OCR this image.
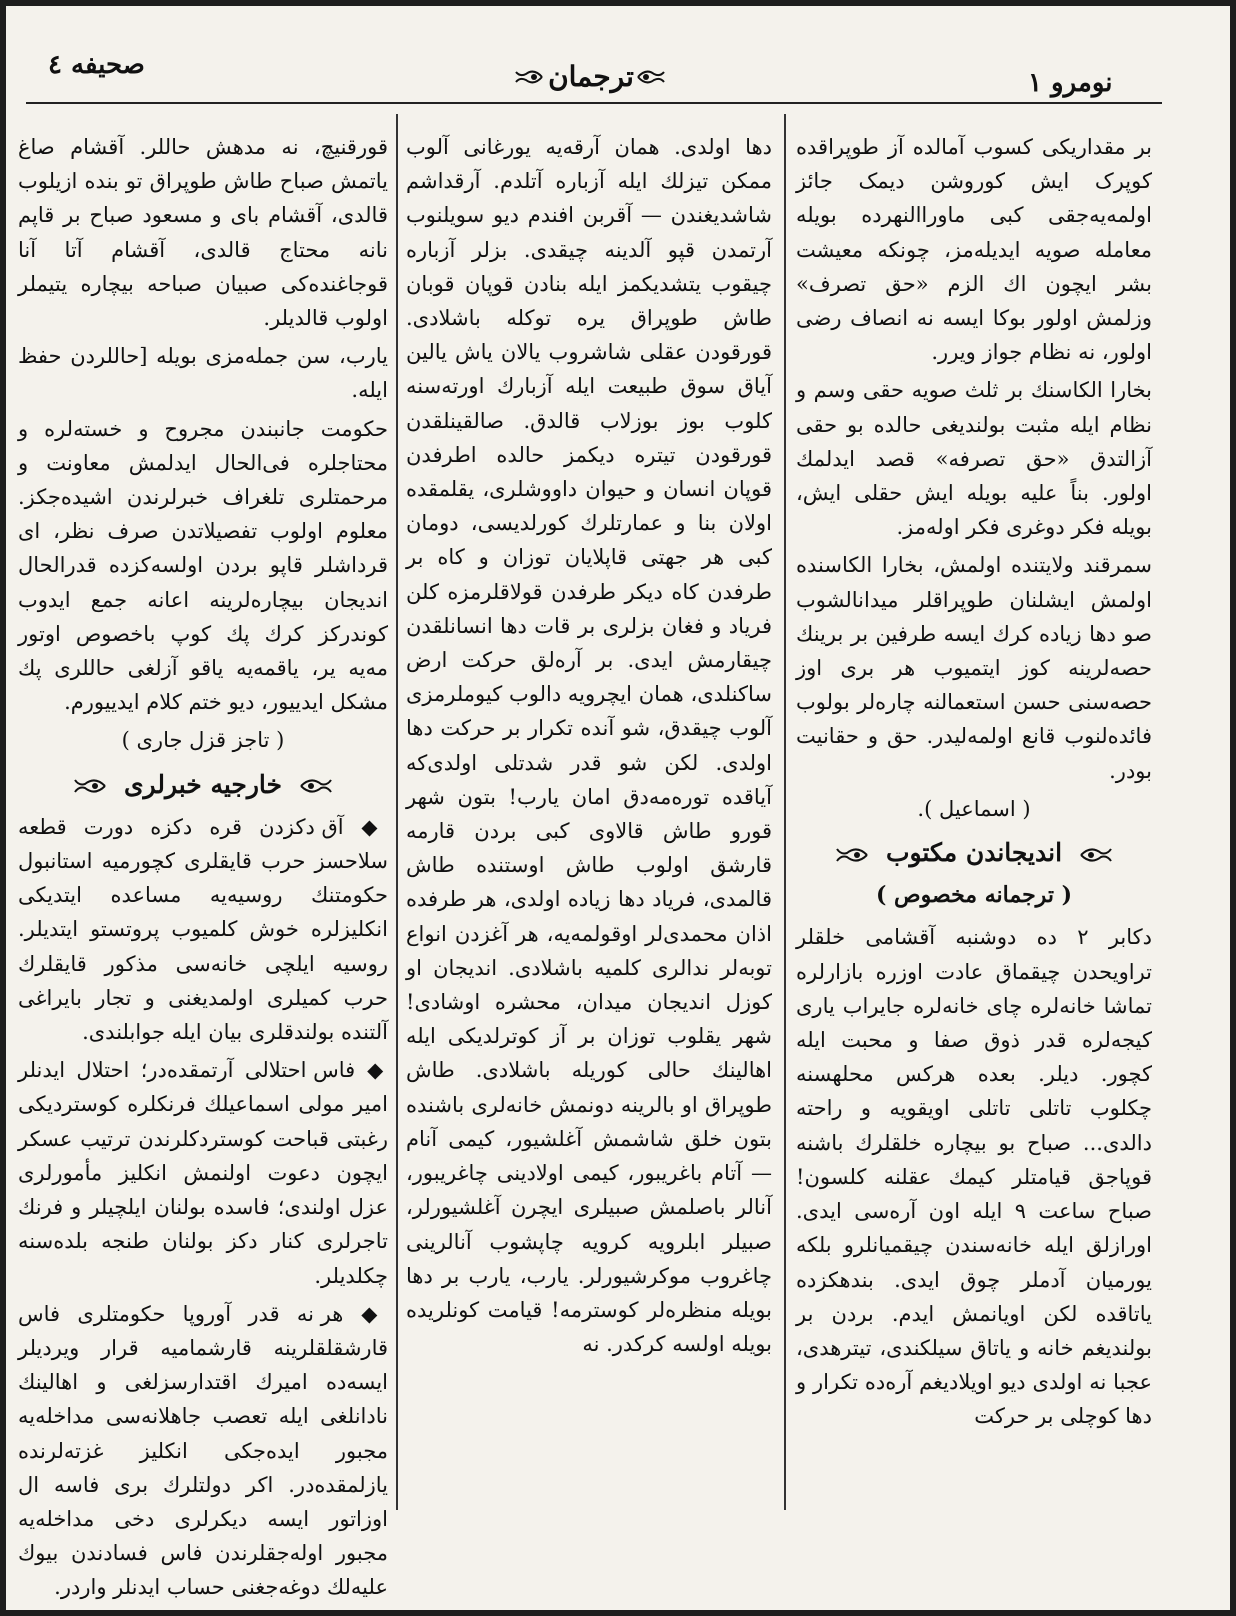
نومرو ١
ترجمان
صحیفه ٤

بر مقداریکی کسوب آمالده آز طوپراقده کوپرک ایش کوروشن دیمک جائز اولمەیەجقی کبی ماوراالنهرده بویله معامله صویه ایدیلەمز، چونکه معیشت بشر ایچون اك الزم «حق تصرف» وزلمش اولور بوکا ایسه نه انصاف رضی اولور، نه نظام جواز ویرر.

بخارا الکاسنك بر ثلث صویه حقی وسم و نظام ایله مثبت بولندیغی حالده بو حقی آزالتدق «حق تصرفه» قصد ایدلمك اولور. بناً علیه بویله ایش حقلی ایش، بویله فکر دوغری فکر اولەمز.

سمرقند ولایتنده اولمش، بخارا الکاسنده اولمش ایشلنان طوپراقلر میدانالشوب صو دها زیاده کرك ایسه طرفین بر برینك حصەلرینه کوز ایتمیوب هر بری اوز حصەسنی حسن استعمالنه چارەلر بولوب فائدەلنوب قانع اولمەلیدر. حق و حقانیت بودر.

( اسماعیل ).
اندیجاندن مکتوب
( ترجمانه مخصوص )

دکابر ٢ ده دوشنبه آقشامی خلقلر تراویحدن چیقماق عادت اوزره بازارلره تماشا خانەلره چای خانەلره جایراب یاری کیجەلره قدر ذوق صفا و محبت ایله کچور. دیلر. بعده هرکس محلهسنه چکلوب تاتلی تاتلی اویقویه و راحته دالدی... صباح بو بیچاره خلقلرك باشنه قوپاجق قیامتلر کیمك عقلنه کلسون! صباح ساعت ٩ ایله اون آرەسی ایدی. اورازلق ایله خانەسندن چیقمیانلرو بلکه یورمیان آدملر چوق ایدی. بندهکزده یاتاقده لکن اویانمش ایدم. بردن بر بولندیغم خانه و یاتاق سیلکندی، تیترهدی، عجبا نه اولدی دیو اویلادیغم آرەده تکرار و دها کوچلی بر حرکت

دها اولدی. همان آرقەیه یورغانی آلوب ممکن تیزلك ایله آزباره آتلدم. آرقداشم شاشدیغندن — آقربن افندم دیو سویلنوب آرتمدن قپو آلدینه چیقدی. بزلر آزباره چیقوب یتشدیکمز ایله بنادن قوپان قوبان طاش طوپراق یره توکلە باشلادی. قورقودن عقلی شاشروب یالان یاش یالین آیاق سوق طبیعت ایله آزبارك اورتەسنه کلوب بوز بوزلاب قالدق. صالقینلقدن قورقودن تیتره دیکمز حالده اطرفدن قوپان انسان و حیوان داووشلری، یقلمقده اولان بنا و عمارتلرك کورلدیسی، دومان کبی هر جهتی قاپلایان توزان و کاه بر طرفدن کاه دیکر طرفدن قولاقلرمزه کلن فریاد و فغان بزلری بر قات دها انسانلقدن چیقارمش ایدی. بر آرەلق حرکت ارض ساکنلدی، همان ایچرویه دالوب کیوملرمزی آلوب چیقدق، شو آنده تکرار بر حرکت دها اولدی. لکن شو قدر شدتلی اولدی‌که آیاقده تورەمەدق امان یارب! بتون شهر قورو طاش قالاوی کبی بردن قارمه قارشق اولوب طاش اوستنده طاش قالمدی، فریاد دها زیاده اولدی، هر طرفده اذان محمدی‌لر اوقولمەیه، هر آغزدن انواع توبەلر ندالری کلمیه باشلادی. اندیجان او کوزل اندیجان میدان، محشره اوشادی! شهر یقلوب توزان بر آز کوترلدیکی ایله اهالینك حالی کوریله باشلادی. طاش طوپراق او بالرینه دونمش خانەلری باشنده بتون خلق شاشمش آغلشیور، کیمی آنام — آتام باغریبور، کیمی اولادینی چاغریبور، آنالر باصلمش صبیلری ایچرن آغلشیورلر، صبیلر ابلرویه کرویه چاپشوب آنالرینی چاغروب موکرشیورلر. یارب، یارب بر دها بویله منظرەلر کوسترمه! قیامت کونلریده بویله اولسه کرکدر. نه

قورقنیچ، نه مدهش حاللر. آقشام صاغ یاتمش صباح طاش طوپراق تو بنده ازیلوب قالدی، آقشام بای و مسعود صباح بر قاپم نانه محتاج قالدی، آقشام آتا آنا قوجاغنده‌کی صبیان صباحه بیچاره یتیملر اولوب قالدیلر.

یارب، سن جملەمزی بویله [حاللردن حفظ ایله.

حکومت جانبندن مجروح و خستەلره و محتاجلره فی‌الحال ایدلمش معاونت و مرحمتلری تلغراف خبرلرندن اشیده‌جکز. معلوم اولوب تفصیلاتدن صرف نظر، ای قرداشلر قاپو بردن اولسه‌کزده قدرالحال اندیجان بیچارەلرینه اعانه جمع ایدوب کوندرکز کرك پك کوپ باخصوص اوتور مەیه یر، یاقمەیه یاقو آزلغی حاللری پك مشکل ایدییور، دیو ختم کلام ایدییورم.

( تاجز قزل جاری )
خارجیه خبرلری

◆ آق دکزدن قره دکزه دورت قطعه سلاحسز حرب قایقلری کچورمیه استانبول حکومتنك روسیه‌یه مساعده ایتدیکی انکلیزلره خوش کلمیوب پروتستو ایتدیلر. روسیه ایلچی خانەسی مذکور قایقلرك حرب کمیلری اولمدیغنی و تجار بایراغی آلتنده بولندقلری بیان ایله جوابلندی.

◆ فاس احتلالی آرتمقده‌در؛ احتلال ایدنلر امیر مولی اسماعیلك فرنکلره کوستردیکی رغبتی قباحت کوستردکلرندن ترتیب عسکر ایچون دعوت اولنمش انکلیز مأمورلری عزل اولندی؛ فاسده بولنان ایلچیلر و فرنك تاجرلری کنار دکز بولنان طنجه بلدەسنه چکلدیلر.

◆ هر نه قدر آوروپا حکومتلری فاس قارشقلقلرینه قارشمامیه قرار ویردیلر ایسه‌ده امیرك اقتدارسزلغی و اهالینك نادانلغی ایله تعصب جاهلانەسی مداخلەیه مجبور ایده‌جکی انکلیز غزتەلرنده یازلمقده‌در. اکر دولتلرك بری فاسه ال اوزاتور ایسه دیکرلری دخی مداخلەیه مجبور اولەجقلرندن فاس فسادندن بیوك علیه‌لك دوغەجغنی حساب ایدنلر واردر.
